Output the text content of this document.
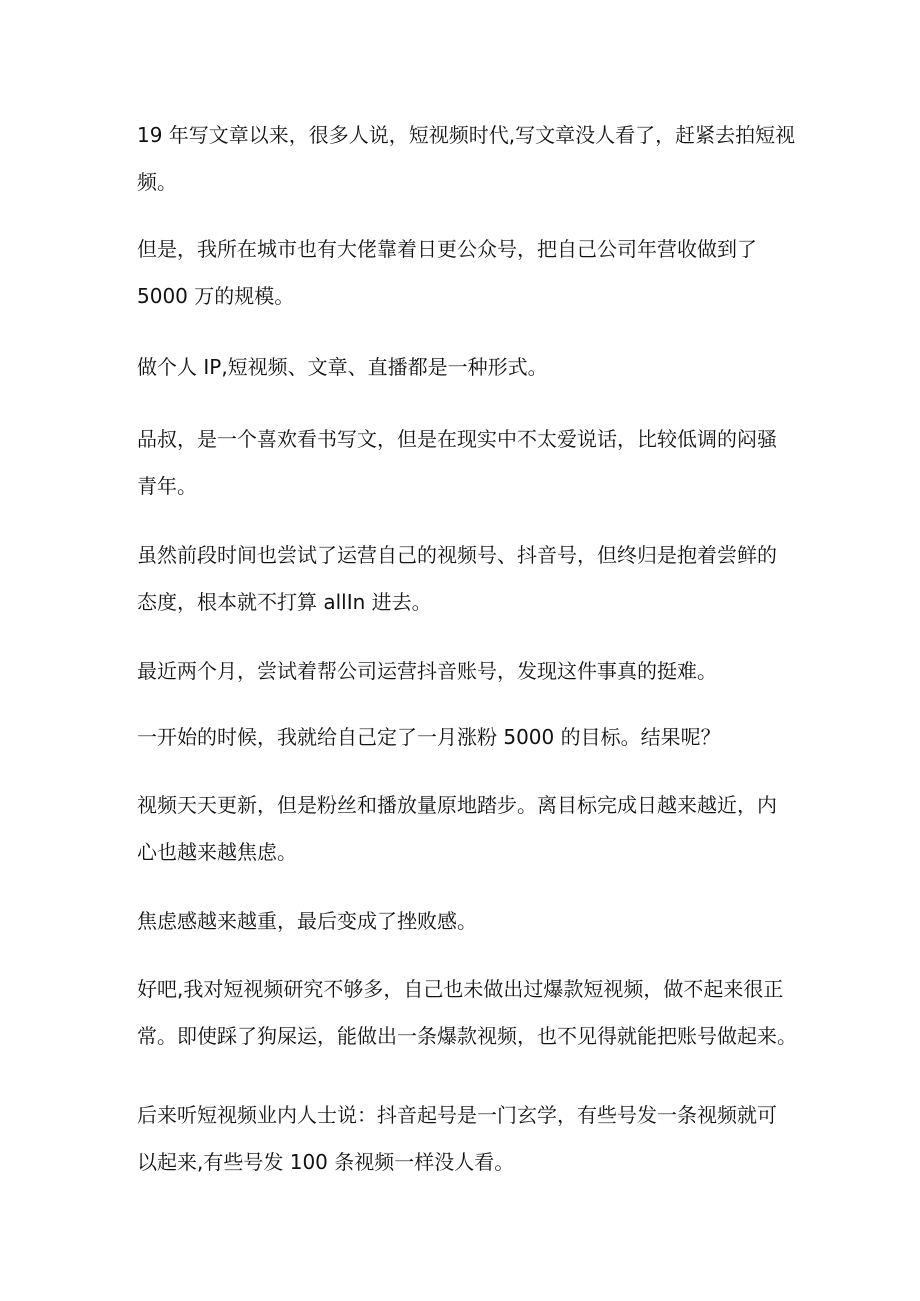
19 年写文章以来，很多人说，短视频时代,写文章没人看了，赶紧去拍短视
频。

但是，我所在城市也有大佬靠着日更公众号，把自己公司年营收做到了
5000 万的规模。

做个人 IP,短视频、文章、直播都是一种形式。

品叔，是一个喜欢看书写文，但是在现实中不太爱说话，比较低调的闷骚
青年。

虽然前段时间也尝试了运营自己的视频号、抖音号，但终归是抱着尝鲜的
态度，根本就不打算 allIn 进去。

最近两个月，尝试着帮公司运营抖音账号，发现这件事真的挺难。

一开始的时候，我就给自己定了一月涨粉 5000 的目标。结果呢？

视频天天更新，但是粉丝和播放量原地踏步。离目标完成日越来越近，内
心也越来越焦虑。

焦虑感越来越重，最后变成了挫败感。

好吧,我对短视频研究不够多，自己也未做出过爆款短视频，做不起来很正
常。即使踩了狗屎运，能做出一条爆款视频，也不见得就能把账号做起来。

后来听短视频业内人士说：抖音起号是一门玄学，有些号发一条视频就可
以起来,有些号发 100 条视频一样没人看。
